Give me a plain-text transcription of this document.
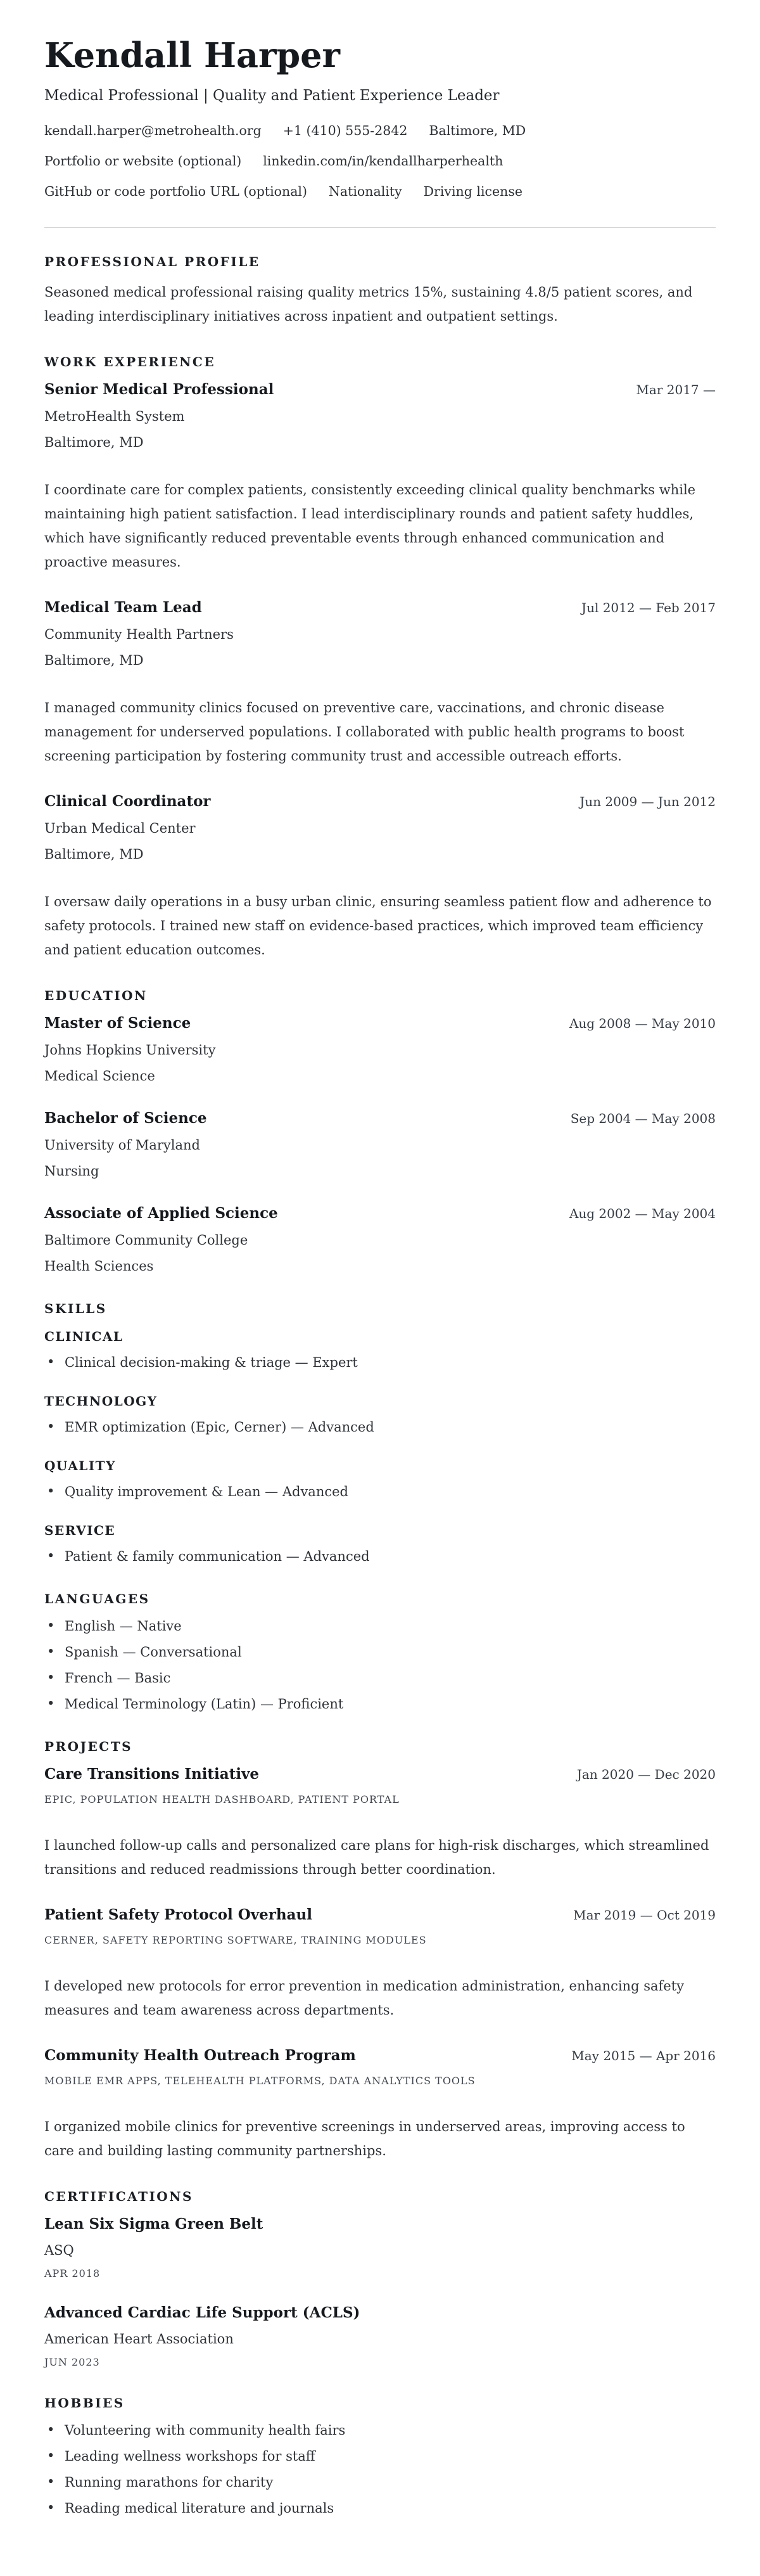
Kendall Harper
Medical Professional | Quality and Patient Experience Leader
kendall.harper@metrohealth.org +1 (410) 555-2842 Baltimore, MD
Portfolio or website (optional) linkedin.com/in/kendallharperhealth
GitHub or code portfolio URL (optional) Nationality Driving license
PROFESSIONAL PROFILE

Seasoned medical professional raising quality metrics 15%, sustaining 4.8/5 patient scores, and leading interdisciplinary initiatives across inpatient and outpatient settings.

WORK EXPERIENCE
Senior Medical Professional	Mar 2017 —
MetroHealth System
Baltimore, MD

I coordinate care for complex patients, consistently exceeding clinical quality benchmarks while maintaining high patient satisfaction. I lead interdisciplinary rounds and patient safety huddles, which have significantly reduced preventable events through enhanced communication and proactive measures.

Medical Team Lead	Jul 2012 — Feb 2017
Community Health Partners
Baltimore, MD

I managed community clinics focused on preventive care, vaccinations, and chronic disease management for underserved populations. I collaborated with public health programs to boost screening participation by fostering community trust and accessible outreach efforts.

Clinical Coordinator	Jun 2009 — Jun 2012
Urban Medical Center
Baltimore, MD

I oversaw daily operations in a busy urban clinic, ensuring seamless patient flow and adherence to safety protocols. I trained new staff on evidence-based practices, which improved team efficiency and patient education outcomes.

EDUCATION
Master of Science	Aug 2008 — May 2010
Johns Hopkins University
Medical Science
Bachelor of Science	Sep 2004 — May 2008
University of Maryland
Nursing
Associate of Applied Science	Aug 2002 — May 2004
Baltimore Community College
Health Sciences
SKILLS
CLINICAL
• Clinical decision-making & triage — Expert
TECHNOLOGY
• EMR optimization (Epic, Cerner) — Advanced
QUALITY
• Quality improvement & Lean — Advanced
SERVICE
• Patient & family communication — Advanced
LANGUAGES
• English — Native
• Spanish — Conversational
• French — Basic
• Medical Terminology (Latin) — Proficient
PROJECTS
Care Transitions Initiative	Jan 2020 — Dec 2020
EPIC, POPULATION HEALTH DASHBOARD, PATIENT PORTAL

I launched follow-up calls and personalized care plans for high-risk discharges, which streamlined transitions and reduced readmissions through better coordination.

Patient Safety Protocol Overhaul	Mar 2019 — Oct 2019
CERNER, SAFETY REPORTING SOFTWARE, TRAINING MODULES

I developed new protocols for error prevention in medication administration, enhancing safety measures and team awareness across departments.

Community Health Outreach Program	May 2015 — Apr 2016
MOBILE EMR APPS, TELEHEALTH PLATFORMS, DATA ANALYTICS TOOLS

I organized mobile clinics for preventive screenings in underserved areas, improving access to care and building lasting community partnerships.

CERTIFICATIONS
Lean Six Sigma Green Belt
ASQ
APR 2018
Advanced Cardiac Life Support (ACLS)
American Heart Association
JUN 2023
HOBBIES
• Volunteering with community health fairs
• Leading wellness workshops for staff
• Running marathons for charity
• Reading medical literature and journals
